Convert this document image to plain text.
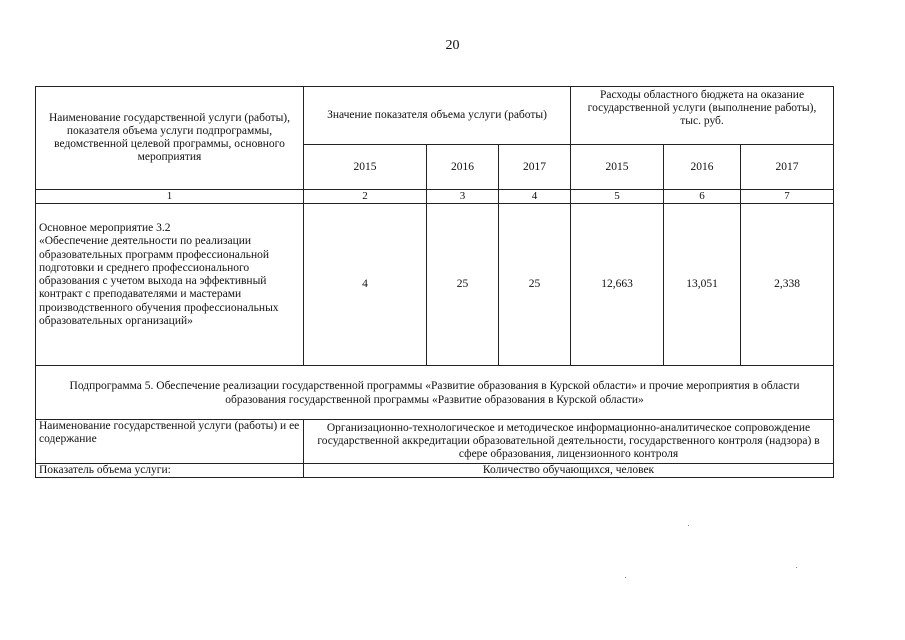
20
Наименование государственной услуги (работы), показателя объема услуги подпрограммы, ведомственной целевой программы, основного мероприятия	Значение показателя объема услуги (работы)			Расходы областного бюджета на оказание государственной услуги (выполнение работы),
тыс. руб.		

	2015	2016	2017	2015	2016	2017
1	2	3	4	5	6	7

Основное мероприятие 3.2
«Обеспечение деятельности по реализации образовательных программ профессиональной подготовки и среднего профессионального образования с учетом выхода на эффективный контракт с преподавателями и мастерами производственного обучения профессиональных образовательных организаций»	4	25	25	12,663	13,051	2,338
Подпрограмма 5. Обеспечение реализации государственной программы «Развитие образования в Курской области» и прочие мероприятия в области образования государственной программы «Развитие образования в Курской области»						
Наименование государственной услуги (работы) и ее содержание	Организационно-технологическое и методическое информационно-аналитическое сопровождение государственной аккредитации образовательной деятельности, государственного контроля (надзора) в сфере образования, лицензионного контроля					
Показатель объема услуги:	Количество обучающихся, человек					
